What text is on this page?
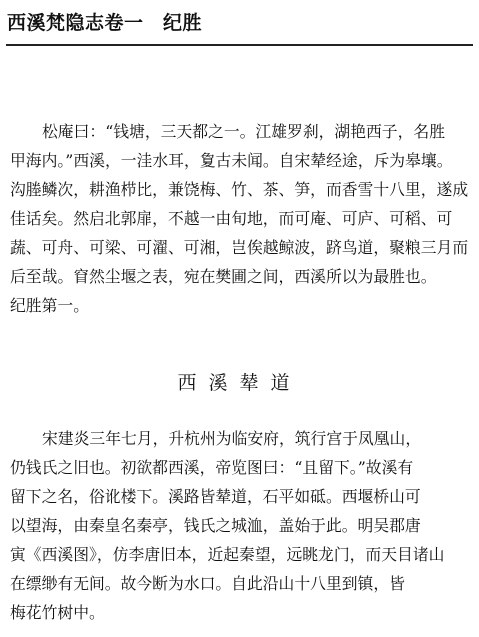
西溪梵隐志卷一　纪胜
松庵曰：“钱塘，三天都之一。江雄罗刹，湖艳西子，名胜
甲海内。”西溪，一洼水耳，夐古未闻。自宋辇经途，斥为皋壤。
沟塍鳞次，耕渔栉比，兼饶梅、竹、茶、笋，而香雪十八里，遂成
佳话矣。然启北郭扉，不越一由旬地，而可庵、可庐、可稻、可
蔬、可舟、可梁、可濯、可湘，岂俟越鲸波，跻鸟道，聚粮三月而
后至哉。窅然尘堰之表，宛在樊圃之间，西溪所以为最胜也。
纪胜第一。
西溪辇道
宋建炎三年七月，升杭州为临安府，筑行宫于凤凰山，
仍钱氏之旧也。初欲都西溪，帝览图曰：“且留下。”故溪有
留下之名，俗讹楼下。溪路皆辇道，石平如砥。西堰桥山可
以望海，由秦皇名秦亭，钱氏之城洫，盖始于此。明吴郡唐
寅《西溪图》，仿李唐旧本，近起秦望，远眺龙门，而天目诸山
在缥缈有无间。故今断为水口。自此沿山十八里到镇，皆
梅花竹树中。
